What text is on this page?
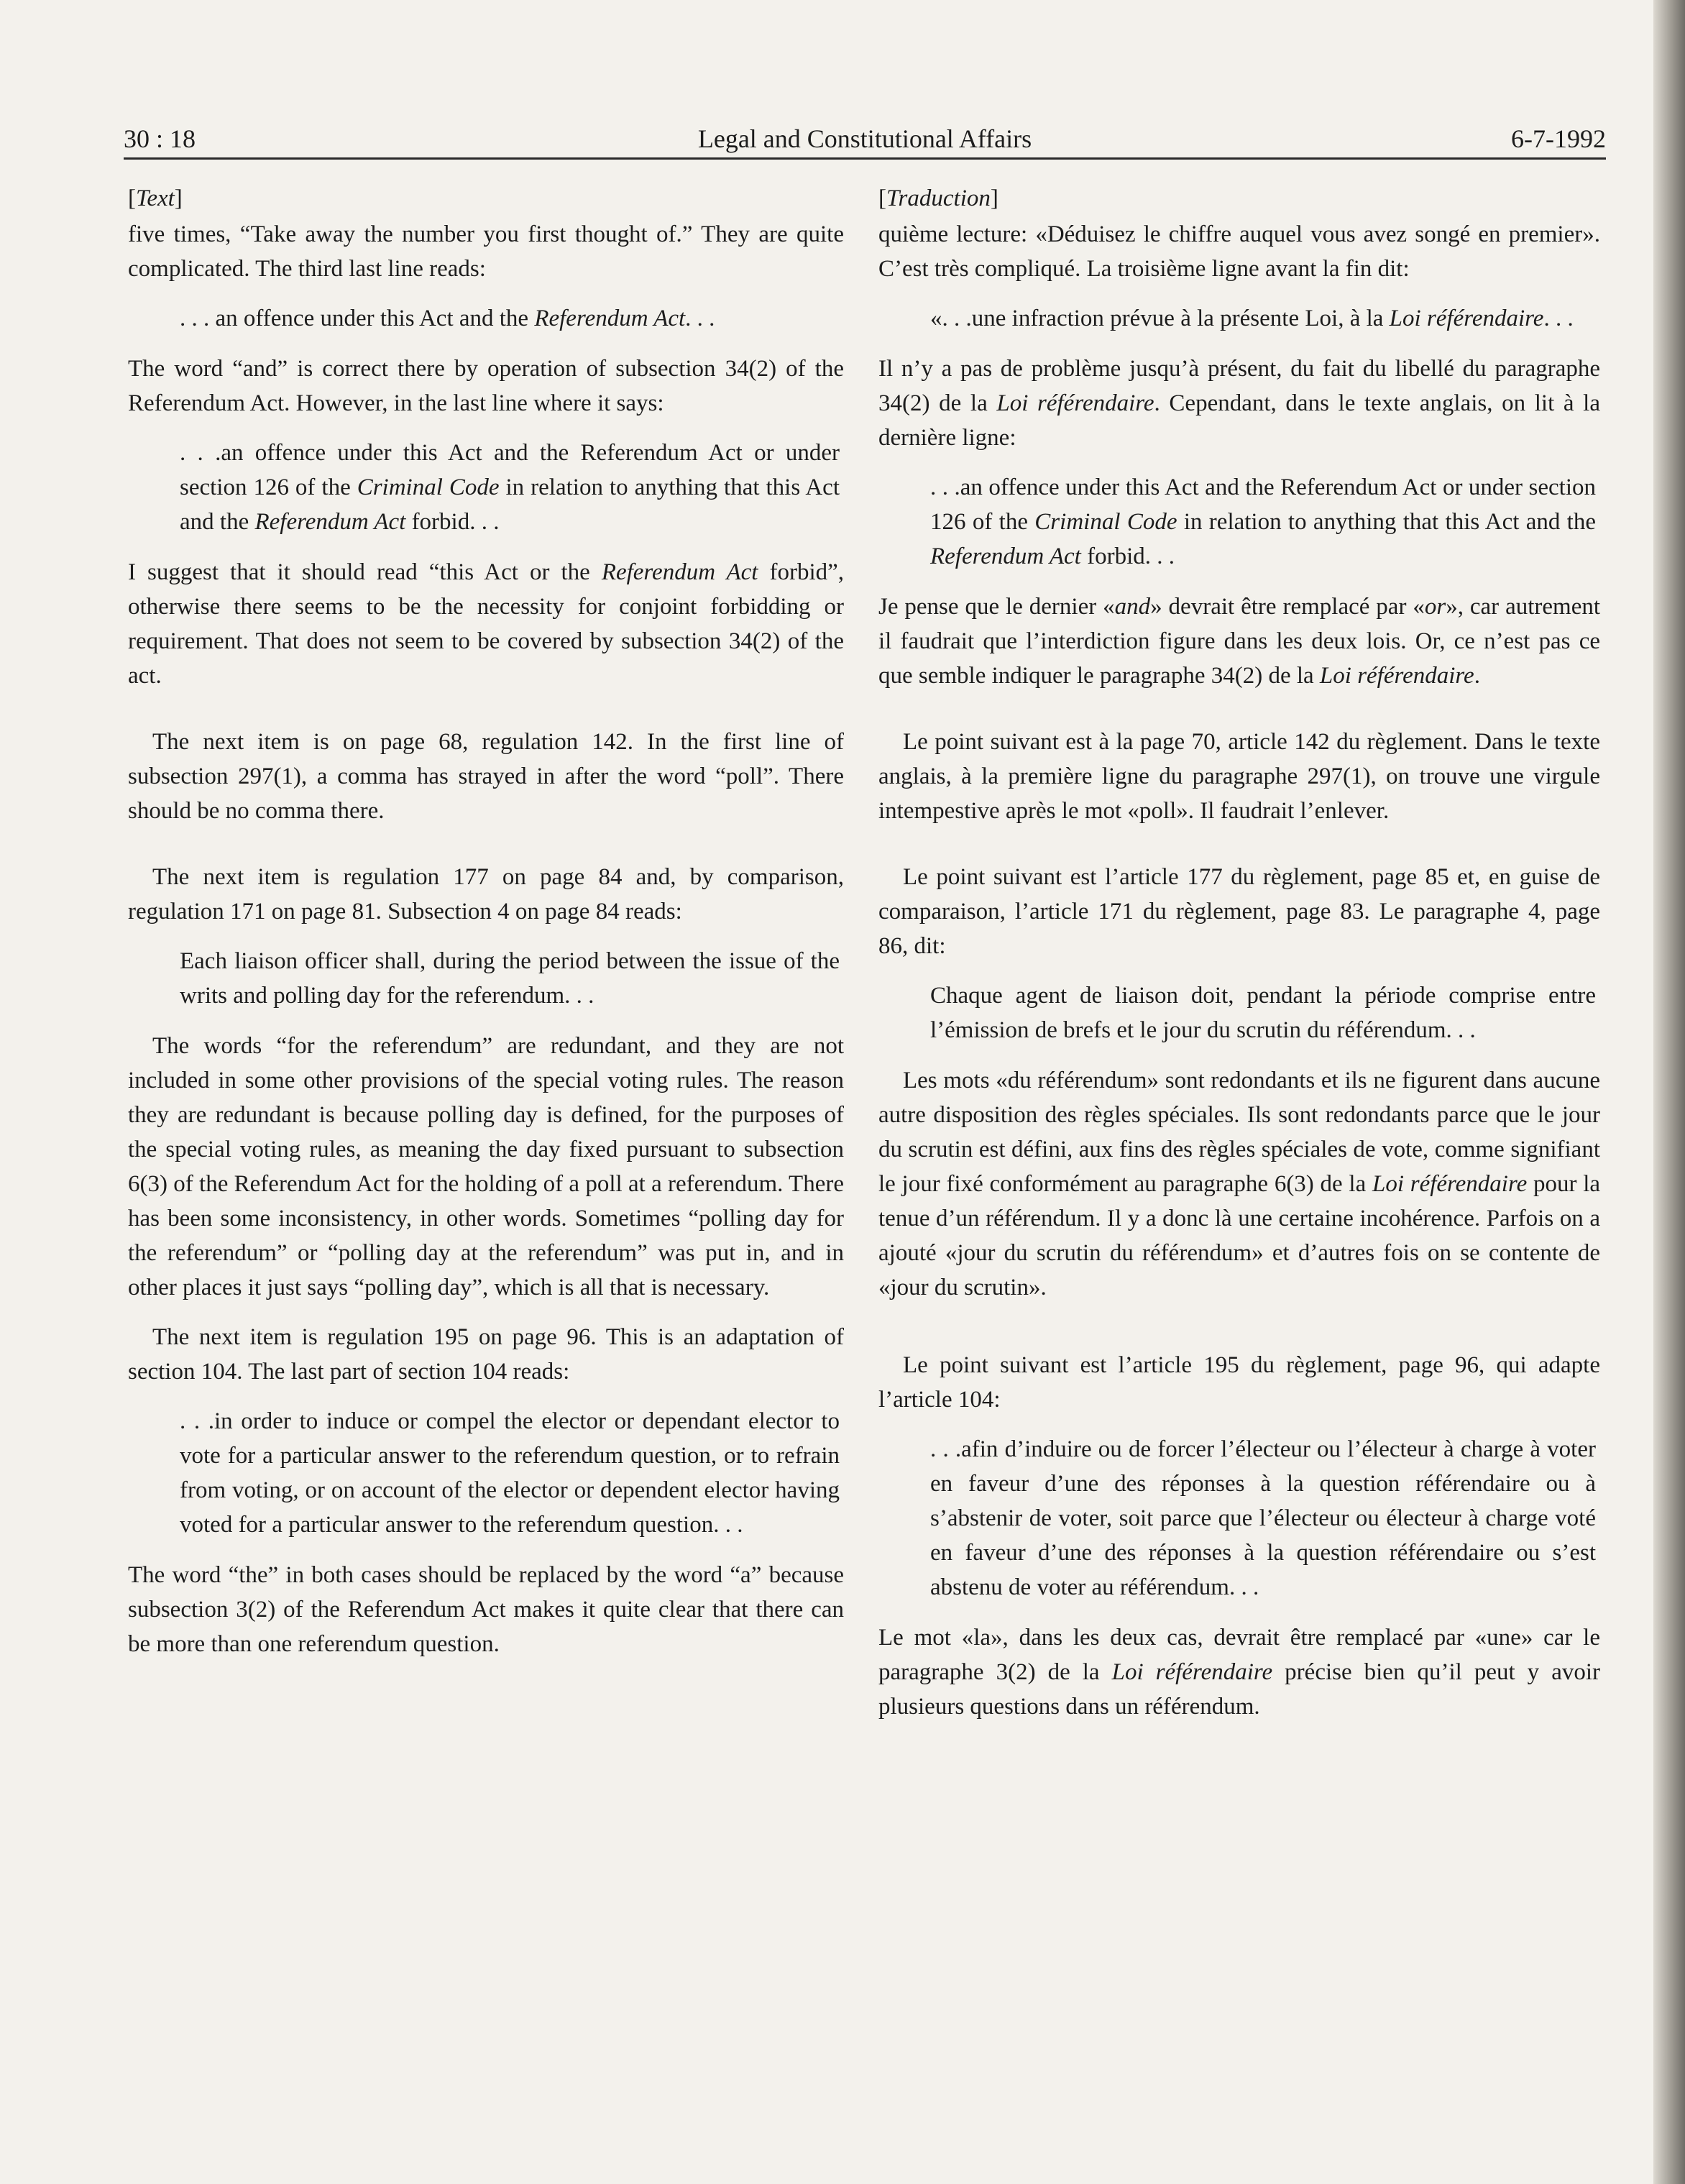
30 : 18	Legal and Constitutional Affairs	6-7-1992
[Text]

five times, “Take away the number you first thought of.” They are quite complicated. The third last line reads:

. . . an offence under this Act and the Referendum Act. . .

The word “and” is correct there by operation of subsection 34(2) of the Referendum Act. However, in the last line where it says:

. . .an offence under this Act and the Referendum Act or under section 126 of the Criminal Code in relation to anything that this Act and the Referendum Act forbid. . .

I suggest that it should read “this Act or the Referendum Act forbid”, otherwise there seems to be the necessity for conjoint forbidding or requirement. That does not seem to be covered by subsection 34(2) of the act.

The next item is on page 68, regulation 142. In the first line of subsection 297(1), a comma has strayed in after the word “poll”. There should be no comma there.

The next item is regulation 177 on page 84 and, by comparison, regulation 171 on page 81. Subsection 4 on page 84 reads:

Each liaison officer shall, during the period between the issue of the writs and polling day for the referendum. . .

The words “for the referendum” are redundant, and they are not included in some other provisions of the special voting rules. The reason they are redundant is because polling day is defined, for the purposes of the special voting rules, as meaning the day fixed pursuant to subsection 6(3) of the Referendum Act for the holding of a poll at a referendum. There has been some inconsistency, in other words. Sometimes “polling day for the referendum” or “polling day at the referendum” was put in, and in other places it just says “polling day”, which is all that is necessary.

The next item is regulation 195 on page 96. This is an adaptation of section 104. The last part of section 104 reads:

. . .in order to induce or compel the elector or dependant elector to vote for a particular answer to the referendum question, or to refrain from voting, or on account of the elector or dependent elector having voted for a particular answer to the referendum question. . .

The word “the” in both cases should be replaced by the word “a” because subsection 3(2) of the Referendum Act makes it quite clear that there can be more than one referendum question.

[Traduction]

quième lecture: «Déduisez le chiffre auquel vous avez songé en premier». C’est très compliqué. La troisième ligne avant la fin dit:

«. . .une infraction prévue à la présente Loi, à la Loi référendaire. . .

Il n’y a pas de problème jusqu’à présent, du fait du libellé du paragraphe 34(2) de la Loi référendaire. Cependant, dans le texte anglais, on lit à la dernière ligne:

. . .an offence under this Act and the Referendum Act or under section 126 of the Criminal Code in relation to anything that this Act and the Referendum Act forbid. . .

Je pense que le dernier «and» devrait être remplacé par «or», car autrement il faudrait que l’interdiction figure dans les deux lois. Or, ce n’est pas ce que semble indiquer le paragraphe 34(2) de la Loi référendaire.

Le point suivant est à la page 70, article 142 du règlement. Dans le texte anglais, à la première ligne du paragraphe 297(1), on trouve une virgule intempestive après le mot «poll». Il faudrait l’enlever.

Le point suivant est l’article 177 du règlement, page 85 et, en guise de comparaison, l’article 171 du règlement, page 83. Le paragraphe 4, page 86, dit:

Chaque agent de liaison doit, pendant la période comprise entre l’émission de brefs et le jour du scrutin du référendum. . .

Les mots «du référendum» sont redondants et ils ne figurent dans aucune autre disposition des règles spéciales. Ils sont redondants parce que le jour du scrutin est défini, aux fins des règles spéciales de vote, comme signifiant le jour fixé conformément au paragraphe 6(3) de la Loi référendaire pour la tenue d’un référendum. Il y a donc là une certaine incohérence. Parfois on a ajouté «jour du scrutin du référendum» et d’autres fois on se contente de «jour du scrutin».

Le point suivant est l’article 195 du règlement, page 96, qui adapte l’article 104:

. . .afin d’induire ou de forcer l’électeur ou l’électeur à charge à voter en faveur d’une des réponses à la question référendaire ou à s’abstenir de voter, soit parce que l’électeur ou électeur à charge voté en faveur d’une des réponses à la question référendaire ou s’est abstenu de voter au référendum. . .

Le mot «la», dans les deux cas, devrait être remplacé par «une» car le paragraphe 3(2) de la Loi référendaire précise bien qu’il peut y avoir plusieurs questions dans un référendum.
